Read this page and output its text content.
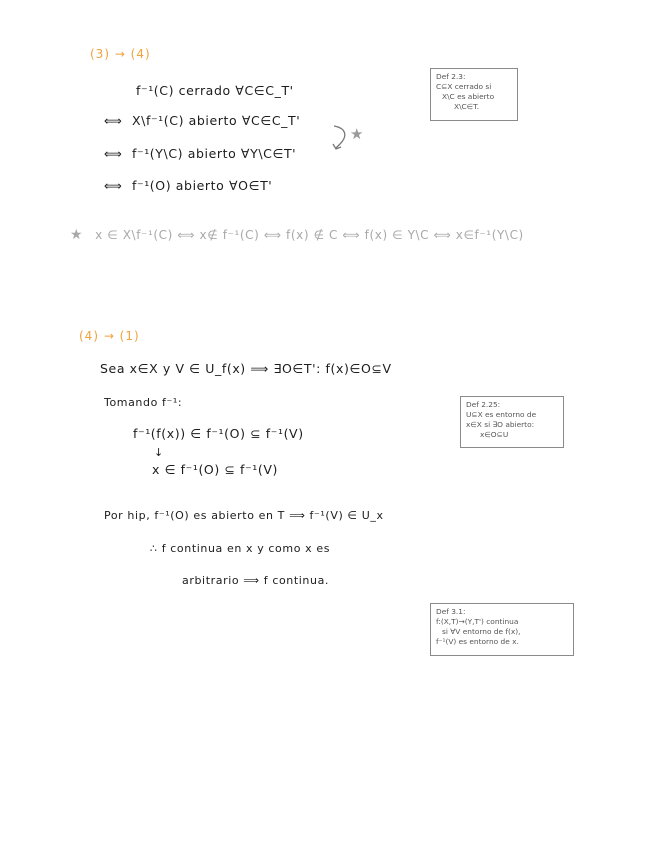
(3) → (4)
f⁻¹(C) cerrado ∀C∈C_T'
⟺ X\f⁻¹(C) abierto ∀C∈C_T'
⟺ f⁻¹(Y\C) abierto ∀Y\C∈T'
⟺ f⁻¹(O) abierto ∀O∈T'
★
Def 2.3:
C⊆X cerrado si
X\C es abierto
X\C∈T.
★ x ∈ X\f⁻¹(C) ⟺ x∉ f⁻¹(C) ⟺ f(x) ∉ C ⟺ f(x) ∈ Y\C ⟺ x∈f⁻¹(Y\C)
(4) → (1)
Sea x∈X y V ∈ U_f(x) ⟹ ∃O∈T': f(x)∈O⊆V
Tomando f⁻¹:	Def 2.25:
U⊆X es entorno de
x∈X si ∃O abierto:
x∈O⊆U
f⁻¹(f(x)) ∈ f⁻¹(O) ⊆ f⁻¹(V)
↓
x ∈ f⁻¹(O) ⊆ f⁻¹(V)
Por hip, f⁻¹(O) es abierto en T ⟹ f⁻¹(V) ∈ U_x
∴ f continua en x y como x es
arbitrario ⟹ f continua.
Def 3.1:
f:(X,T)→(Y,T') continua
si ∀V entorno de f(x),
f⁻¹(V) es entorno de x.
